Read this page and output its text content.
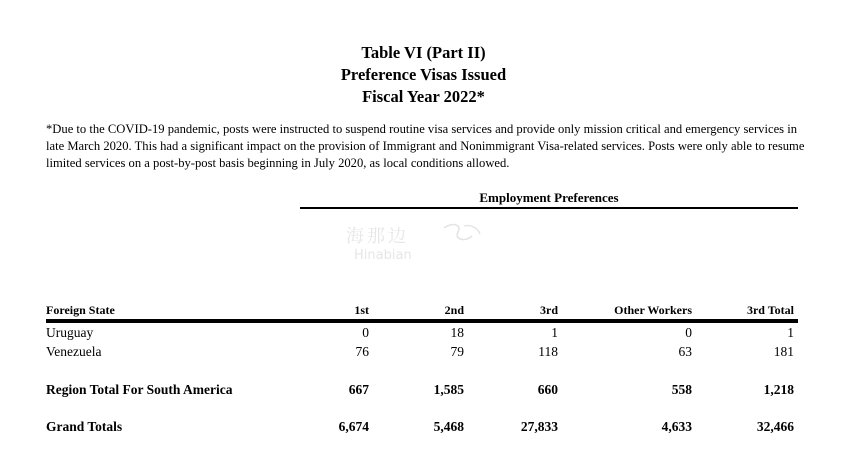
Table VI (Part II)
Preference Visas Issued
Fiscal Year 2022*
*Due to the COVID-19 pandemic, posts were instructed to suspend routine visa services and provide only mission critical and emergency services in late March 2020. This had a significant impact on the provision of Immigrant and Nonimmigrant Visa-related services. Posts were only able to resume limited services on a post-by-post basis beginning in July 2020, as local conditions allowed.
Employment Preferences
海那边
Hinabian
Foreign State	1st	2nd	3rd	Other Workers	3rd Total
Uruguay	0	18	1	0	1
Venezuela	76	79	118	63	181
Region Total For South America	667	1,585	660	558	1,218
Grand Totals	6,674	5,468	27,833	4,633	32,466
